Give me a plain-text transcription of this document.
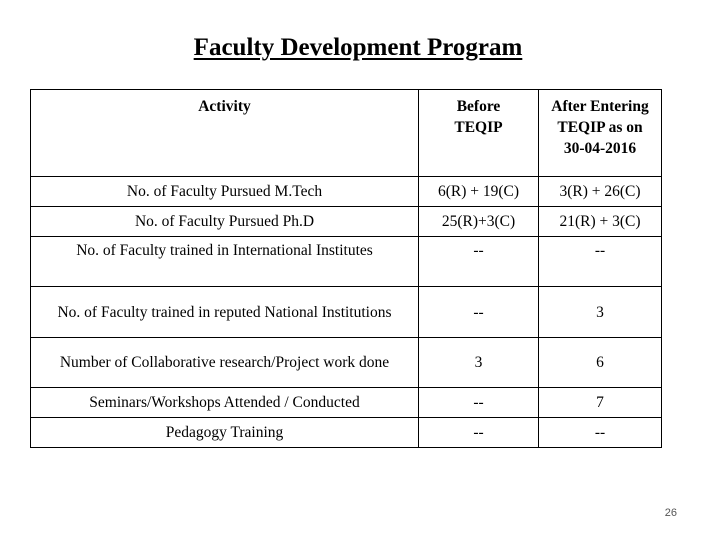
Faculty Development Program
Activity	Before TEQIP	After Entering TEQIP as on 30-04-2016
No. of Faculty Pursued M.Tech	6(R) + 19(C)	3(R) + 26(C)
No. of Faculty Pursued Ph.D	25(R)+3(C)	21(R) + 3(C)
No. of Faculty trained in International Institutes	--	--
No. of Faculty trained in reputed National Institutions	--	3
Number of Collaborative research/Project work done	3	6
Seminars/Workshops Attended / Conducted	--	7
Pedagogy Training	--	--
26
